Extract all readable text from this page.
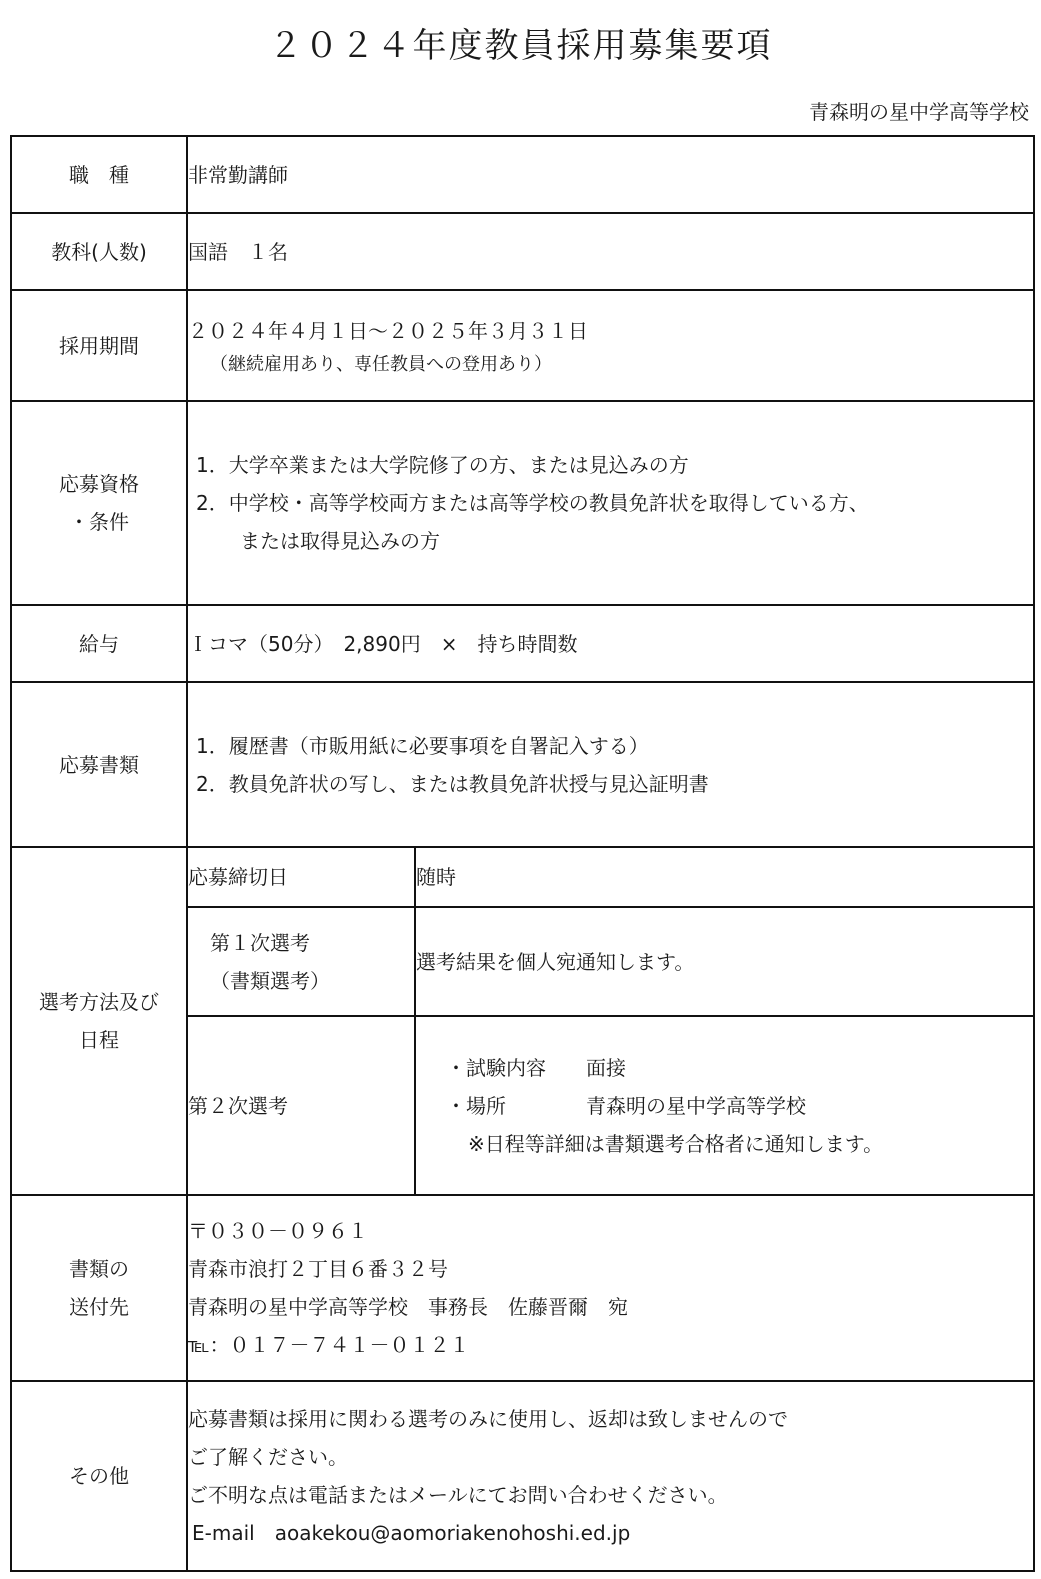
２０２４年度教員採用募集要項
青森明の星中学高等学校
職　種	非常勤講師	
教科(人数)	国語　１名	
採用期間	２０２４年４月１日～２０２５年３月３１日
（継続雇用あり、専任教員への登用あり）	

応募資格
・条件	1．大学卒業または大学院修了の方、または見込みの方
2．中学校・高等学校両方または高等学校の教員免許状を取得している方、
または取得見込みの方	

給与	Ｉコマ（50分）　2,890円　×　持ち時間数	
応募書類	1．履歴書（市販用紙に必要事項を自署記入する）
2．教員免許状の写し、または教員免許状授与見込証明書	

選考方法及び
日程	応募締切日	随時

	第１次選考
（書類選考）	選考結果を個人宛通知します。
	第２次選考	・試験内容　　面接
・場所　　　　青森明の星中学高等学校
※日程等詳細は書類選考合格者に通知します。

書類の
送付先	〒０３０－０９６１
青森市浪打２丁目６番３２号
青森明の星中学高等学校　事務長　佐藤晋爾　宛
℡：０１７－７４１－０１２１	

その他	応募書類は採用に関わる選考のみに使用し、返却は致しませんので
ご了解ください。
ご不明な点は電話またはメールにてお問い合わせください。
E-mail　aoakekou@aomoriakenohoshi.ed.jp	
